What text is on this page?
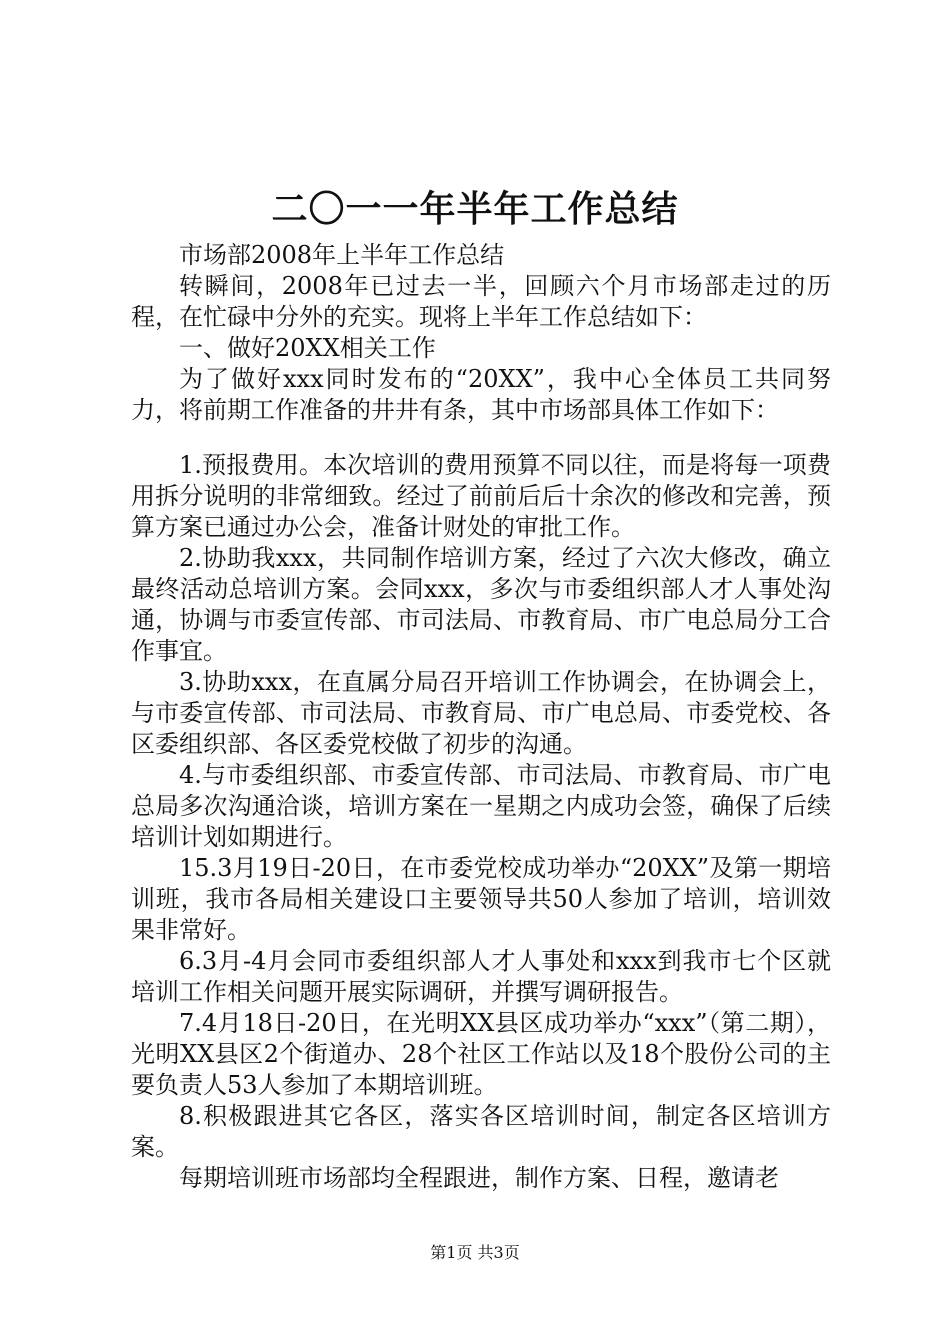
二〇一一年半年工作总结

市场部2008年上半年工作总结

转瞬间，2008年已过去一半，回顾六个月市场部走过的历程，在忙碌中分外的充实。现将上半年工作总结如下：

一、做好20XX相关工作

为了做好xxx同时发布的“20XX”，我中心全体员工共同努力，将前期工作准备的井井有条，其中市场部具体工作如下：

1.预报费用。本次培训的费用预算不同以往，而是将每一项费用拆分说明的非常细致。经过了前前后后十余次的修改和完善，预算方案已通过办公会，准备计财处的审批工作。

2.协助我xxx，共同制作培训方案，经过了六次大修改，确立最终活动总培训方案。会同xxx，多次与市委组织部人才人事处沟通，协调与市委宣传部、市司法局、市教育局、市广电总局分工合作事宜。

3.协助xxx，在直属分局召开培训工作协调会，在协调会上，与市委宣传部、市司法局、市教育局、市广电总局、市委党校、各区委组织部、各区委党校做了初步的沟通。

4.与市委组织部、市委宣传部、市司法局、市教育局、市广电总局多次沟通洽谈，培训方案在一星期之内成功会签，确保了后续培训计划如期进行。

15.3月19日-20日，在市委党校成功举办“20XX”及第一期培训班，我市各局相关建设口主要领导共50人参加了培训，培训效果非常好。

6.3月-4月会同市委组织部人才人事处和xxx到我市七个区就培训工作相关问题开展实际调研，并撰写调研报告。

7.4月18日-20日，在光明XX县区成功举办“xxx”（第二期），光明XX县区2个街道办、28个社区工作站以及18个股份公司的主要负责人53人参加了本期培训班。

8.积极跟进其它各区，落实各区培训时间，制定各区培训方案。

每期培训班市场部均全程跟进，制作方案、日程，邀请老

第1页 共3页
